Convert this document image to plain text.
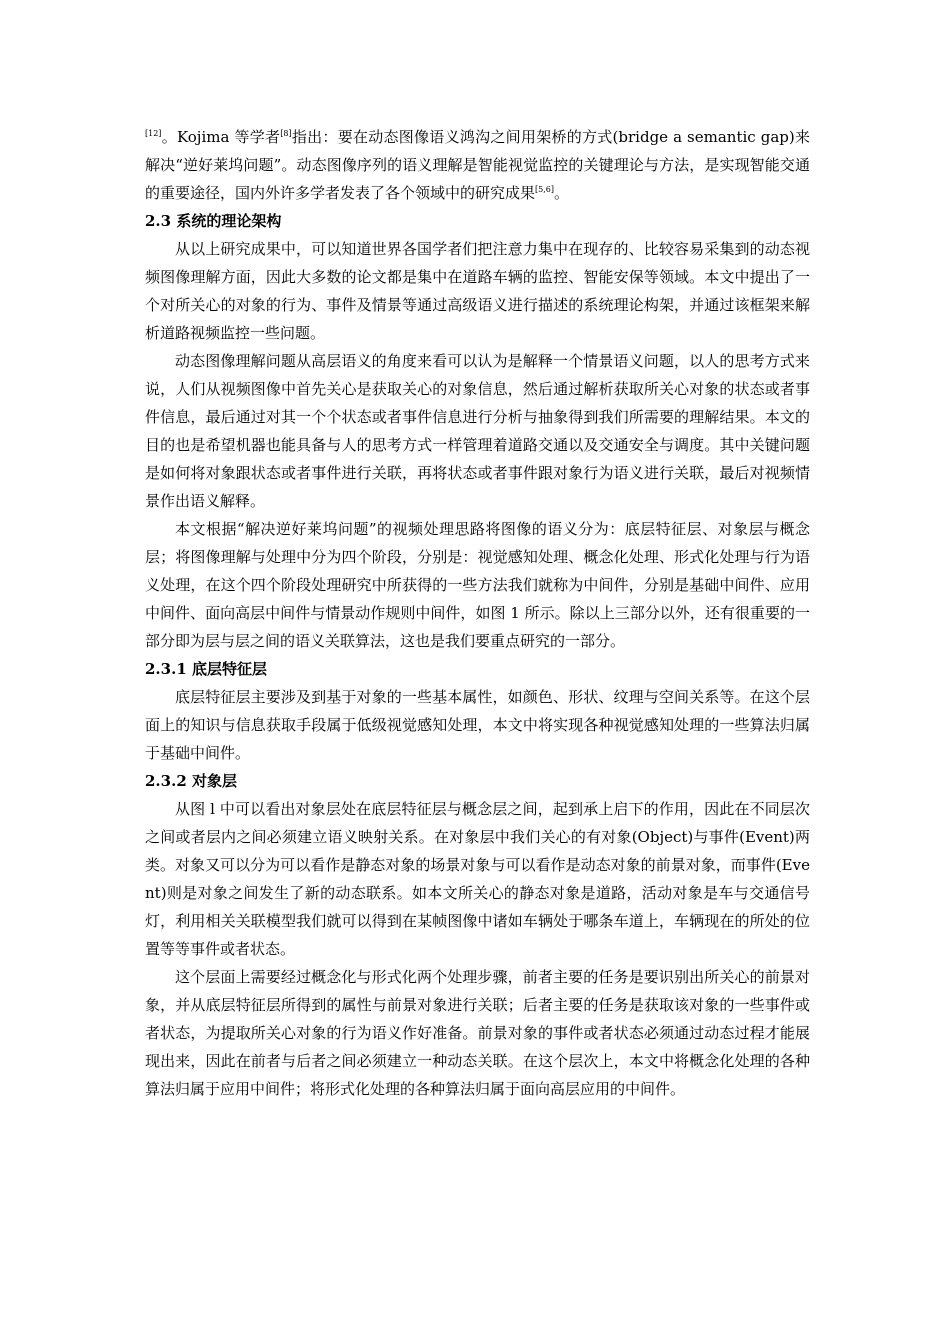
[12]。Kojima 等学者[8]指出：要在动态图像语义鸿沟之间用架桥的方式(bridge a semantic gap)来解决“逆好莱坞问题”。动态图像序列的语义理解是智能视觉监控的关键理论与方法，是实现智能交通的重要途径，国内外许多学者发表了各个领域中的研究成果[5,6]。

2.3 系统的理论架构

从以上研究成果中，可以知道世界各国学者们把注意力集中在现存的、比较容易采集到的动态视频图像理解方面，因此大多数的论文都是集中在道路车辆的监控、智能安保等领域。本文中提出了一个对所关心的对象的行为、事件及情景等通过高级语义进行描述的系统理论构架，并通过该框架来解析道路视频监控一些问题。

动态图像理解问题从高层语义的角度来看可以认为是解释一个情景语义问题，以人的思考方式来说，人们从视频图像中首先关心是获取关心的对象信息，然后通过解析获取所关心对象的状态或者事件信息，最后通过对其一个个状态或者事件信息进行分析与抽象得到我们所需要的理解结果。本文的目的也是希望机器也能具备与人的思考方式一样管理着道路交通以及交通安全与调度。其中关键问题是如何将对象跟状态或者事件进行关联，再将状态或者事件跟对象行为语义进行关联，最后对视频情景作出语义解释。

本文根据“解决逆好莱坞问题”的视频处理思路将图像的语义分为：底层特征层、对象层与概念层；将图像理解与处理中分为四个阶段，分别是：视觉感知处理、概念化处理、形式化处理与行为语义处理，在这个四个阶段处理研究中所获得的一些方法我们就称为中间件，分别是基础中间件、应用中间件、面向高层中间件与情景动作规则中间件，如图 1 所示。除以上三部分以外，还有很重要的一部分即为层与层之间的语义关联算法，这也是我们要重点研究的一部分。

2.3.1 底层特征层

底层特征层主要涉及到基于对象的一些基本属性，如颜色、形状、纹理与空间关系等。在这个层面上的知识与信息获取手段属于低级视觉感知处理，本文中将实现各种视觉感知处理的一些算法归属于基础中间件。

2.3.2 对象层

从图 l 中可以看出对象层处在底层特征层与概念层之间，起到承上启下的作用，因此在不同层次之间或者层内之间必须建立语义映射关系。在对象层中我们关心的有对象(Object)与事件(Event)两类。对象又可以分为可以看作是静态对象的场景对象与可以看作是动态对象的前景对象，而事件(Event)则是对象之间发生了新的动态联系。如本文所关心的静态对象是道路，活动对象是车与交通信号灯，利用相关关联模型我们就可以得到在某帧图像中诸如车辆处于哪条车道上，车辆现在的所处的位置等等事件或者状态。

这个层面上需要经过概念化与形式化两个处理步骤，前者主要的任务是要识别出所关心的前景对象，并从底层特征层所得到的属性与前景对象进行关联；后者主要的任务是获取该对象的一些事件或者状态，为提取所关心对象的行为语义作好准备。前景对象的事件或者状态必须通过动态过程才能展现出来，因此在前者与后者之间必须建立一种动态关联。在这个层次上，本文中将概念化处理的各种算法归属于应用中间件；将形式化处理的各种算法归属于面向高层应用的中间件。
